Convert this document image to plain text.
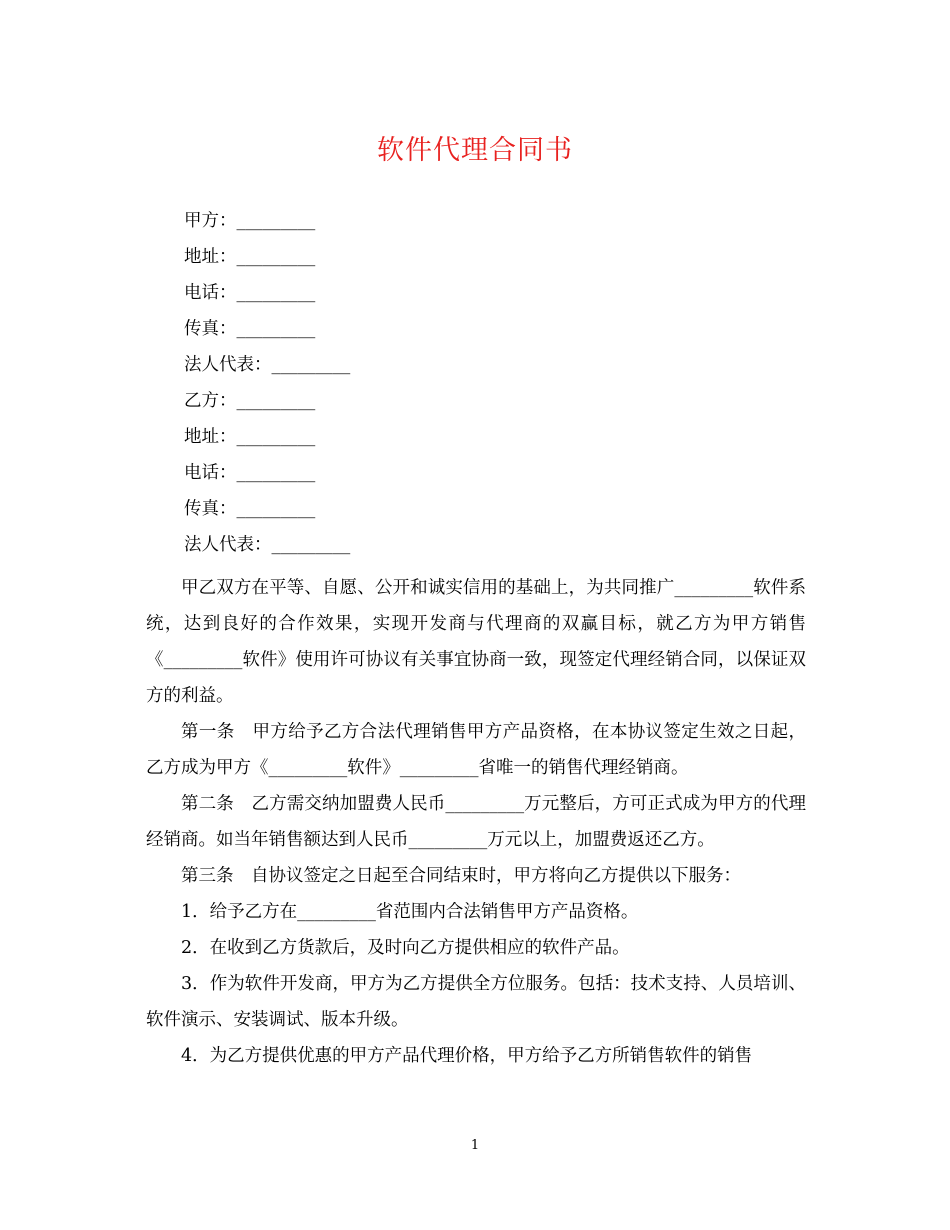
软件代理合同书
甲方：_________
地址：_________
电话：_________
传真：_________
法人代表：_________
乙方：_________
地址：_________
电话：_________
传真：_________
法人代表：_________

甲乙双方在平等、自愿、公开和诚实信用的基础上，为共同推广_________软件系统，达到良好的合作效果，实现开发商与代理商的双赢目标，就乙方为甲方销售《_________软件》使用许可协议有关事宜协商一致，现签定代理经销合同，以保证双方的利益。

第一条　甲方给予乙方合法代理销售甲方产品资格，在本协议签定生效之日起，乙方成为甲方《_________软件》_________省唯一的销售代理经销商。

第二条　乙方需交纳加盟费人民币_________万元整后，方可正式成为甲方的代理经销商。如当年销售额达到人民币_________万元以上，加盟费返还乙方。

第三条　自协议签定之日起至合同结束时，甲方将向乙方提供以下服务：

1．给予乙方在_________省范围内合法销售甲方产品资格。

2．在收到乙方货款后，及时向乙方提供相应的软件产品。

3．作为软件开发商，甲方为乙方提供全方位服务。包括：技术支持、人员培训、软件演示、安装调试、版本升级。

4．为乙方提供优惠的甲方产品代理价格，甲方给予乙方所销售软件的销售

1
